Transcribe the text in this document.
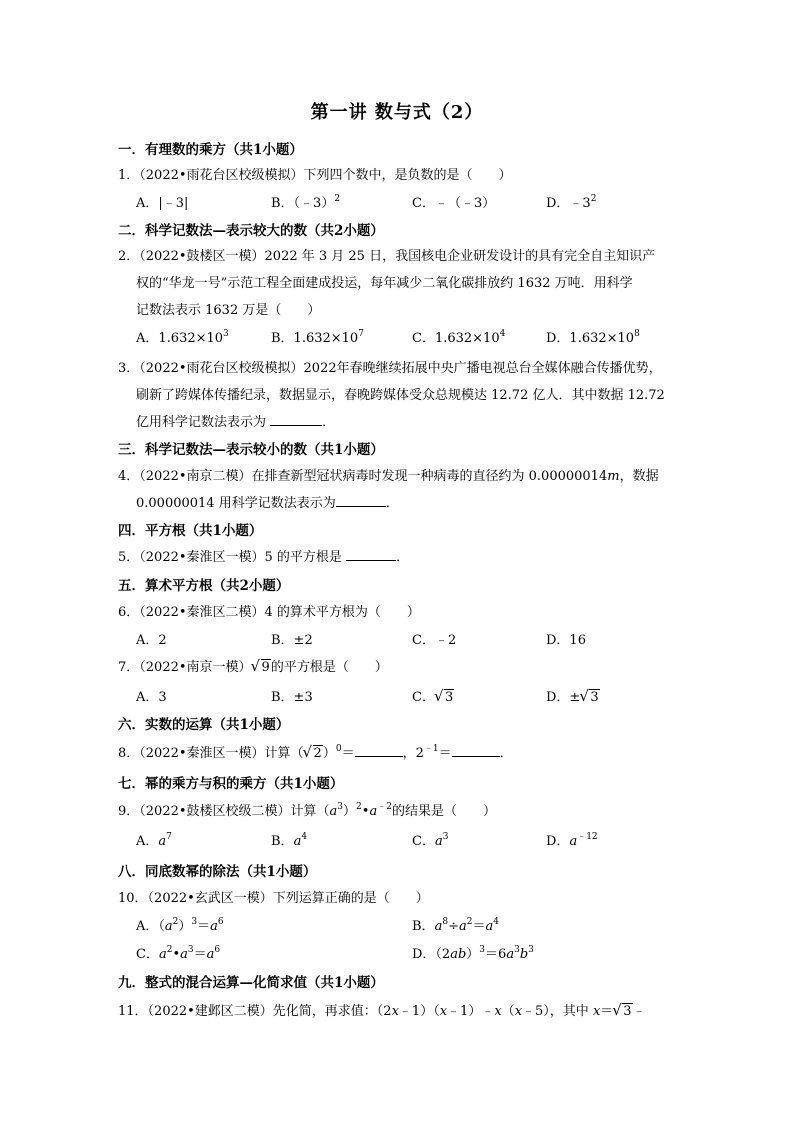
第一讲 数与式（2）
一．有理数的乘方（共1小题）
1．（2022•雨花台区校级模拟）下列四个数中，是负数的是（　　）
A．|﹣3|	B．（﹣3）$^2$	C．﹣（﹣3）	D．$﹣3^2$
二．科学记数法—表示较大的数（共2小题）
2．（2022•鼓楼区一模）2022 年 3 月 25 日，我国核电企业研发设计的具有完全自主知识产
权的“华龙一号”示范工程全面建成投运，每年减少二氧化碳排放约 1632 万吨．用科学
记数法表示 1632 万是（　　）
A．$1.632\times 10^3$	B．$1.632\times 10^7$	C．$1.632\times 10^4$	D．$1.632\times 10^8$
3．（2022•雨花台区校级模拟）2022年春晚继续拓展中央广播电视总台全媒体融合传播优势，
刷新了跨媒体传播纪录，数据显示，春晚跨媒体受众总规模达 12.72 亿人．其中数据 12.72
亿用科学记数法表示为	．
三．科学记数法—表示较小的数（共1小题）
4．（2022•南京二模）在排查新型冠状病毒时发现一种病毒的直径约为 0.00000014m，数据
0.00000014 用科学记数法表示为	．
四．平方根（共1小题）
5．（2022•秦淮区一模）5 的平方根是	．
五．算术平方根（共2小题）
6．（2022•秦淮区二模）4 的算术平方根为（　　）
A．2	B．±2	C．﹣2	D．16
7．（2022•南京一模） √ 9的平方根是（　　）
A．3	B．±3	C． √ 3	D．± √ 3
六．实数的运算（共1小题）
8．（2022•秦淮区一模）计算（ √ 2）$^0$＝	，$2^{﹣1}=$	．
七．幂的乘方与积的乘方（共1小题）
9．（2022•鼓楼区校级二模）计算$(a^3)^2•a^{﹣2}$的结果是（　　）
A．$a^7$	B．$a^4$	C．$a^3$	D．$a^{﹣12}$
八．同底数幂的除法（共1小题）
10．（2022•玄武区一模）下列运算正确的是（　　）
A．$(a^2)^3=a^6$	B．$a^8\div a^2=a^4$
C．$a^2•a^3=a^6$	D．$(2ab)^3=6a^3b^3$
九．整式的混合运算—化简求值（共1小题）
11．（2022•建邺区二模）先化简，再求值：（2x﹣1）（x﹣1）﹣x（x﹣5），其中 x＝ √ 3﹣
